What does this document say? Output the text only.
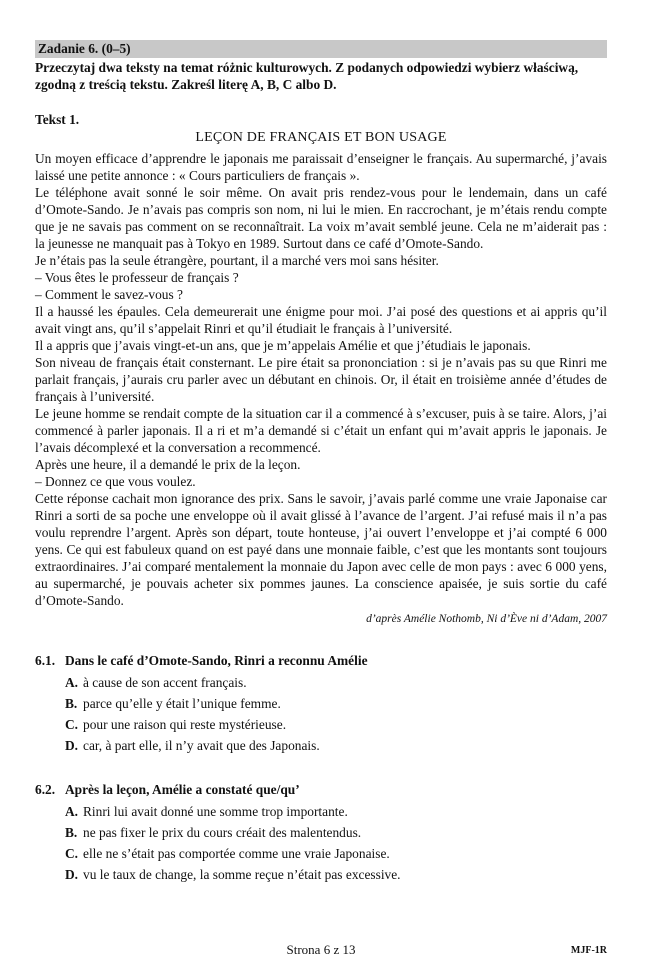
Zadanie 6. (0–5)
Przeczytaj dwa teksty na temat różnic kulturowych. Z podanych odpowiedzi wybierz właściwą, zgodną z treścią tekstu. Zakreśl literę A, B, C albo D.
Tekst 1.
LEÇON DE FRANÇAIS ET BON USAGE

Un moyen efficace d’apprendre le japonais me paraissait d’enseigner le français. Au supermarché, j’avais laissé une petite annonce : « Cours particuliers de français ».

Le téléphone avait sonné le soir même. On avait pris rendez-vous pour le lendemain, dans un café d’Omote-Sando. Je n’avais pas compris son nom, ni lui le mien. En raccrochant, je m’étais rendu compte que je ne savais pas comment on se reconnaîtrait. La voix m’avait semblé jeune. Cela ne m’aiderait pas : la jeunesse ne manquait pas à Tokyo en 1989. Surtout dans ce café d’Omote-Sando.

Je n’étais pas la seule étrangère, pourtant, il a marché vers moi sans hésiter.

– Vous êtes le professeur de français ?

– Comment le savez-vous ?

Il a haussé les épaules. Cela demeurerait une énigme pour moi. J’ai posé des questions et ai appris qu’il avait vingt ans, qu’il s’appelait Rinri et qu’il étudiait le français à l’université.

Il a appris que j’avais vingt-et-un ans, que je m’appelais Amélie et que j’étudiais le japonais.

Son niveau de français était consternant. Le pire était sa prononciation : si je n’avais pas su que Rinri me parlait français, j’aurais cru parler avec un débutant en chinois. Or, il était en troisième année d’études de français à l’université.

Le jeune homme se rendait compte de la situation car il a commencé à s’excuser, puis à se taire. Alors, j’ai commencé à parler japonais. Il a ri et m’a demandé si c’était un enfant qui m’avait appris le japonais. Je l’avais décomplexé et la conversation a recommencé.

Après une heure, il a demandé le prix de la leçon.

– Donnez ce que vous voulez.

Cette réponse cachait mon ignorance des prix. Sans le savoir, j’avais parlé comme une vraie Japonaise car Rinri a sorti de sa poche une enveloppe où il avait glissé à l’avance de l’argent. J’ai refusé mais il n’a pas voulu reprendre l’argent. Après son départ, toute honteuse, j’ai ouvert l’enveloppe et j’ai compté 6 000 yens. Ce qui est fabuleux quand on est payé dans une monnaie faible, c’est que les montants sont toujours extraordinaires. J’ai comparé mentalement la monnaie du Japon avec celle de mon pays : avec 6 000 yens, au supermarché, je pouvais acheter six pommes jaunes. La conscience apaisée, je suis sortie du café d’Omote-Sando.

d’après Amélie Nothomb, Ni d’Ève ni d’Adam, 2007
6.1. Dans le café d’Omote-Sando, Rinri a reconnu Amélie
A. à cause de son accent français.
B. parce qu’elle y était l’unique femme.
C. pour une raison qui reste mystérieuse.
D. car, à part elle, il n’y avait que des Japonais.
6.2. Après la leçon, Amélie a constaté que/qu’
A. Rinri lui avait donné une somme trop importante.
B. ne pas fixer le prix du cours créait des malentendus.
C. elle ne s’était pas comportée comme une vraie Japonaise.
D. vu le taux de change, la somme reçue n’était pas excessive.
Strona 6 z 13	MJF-1R
